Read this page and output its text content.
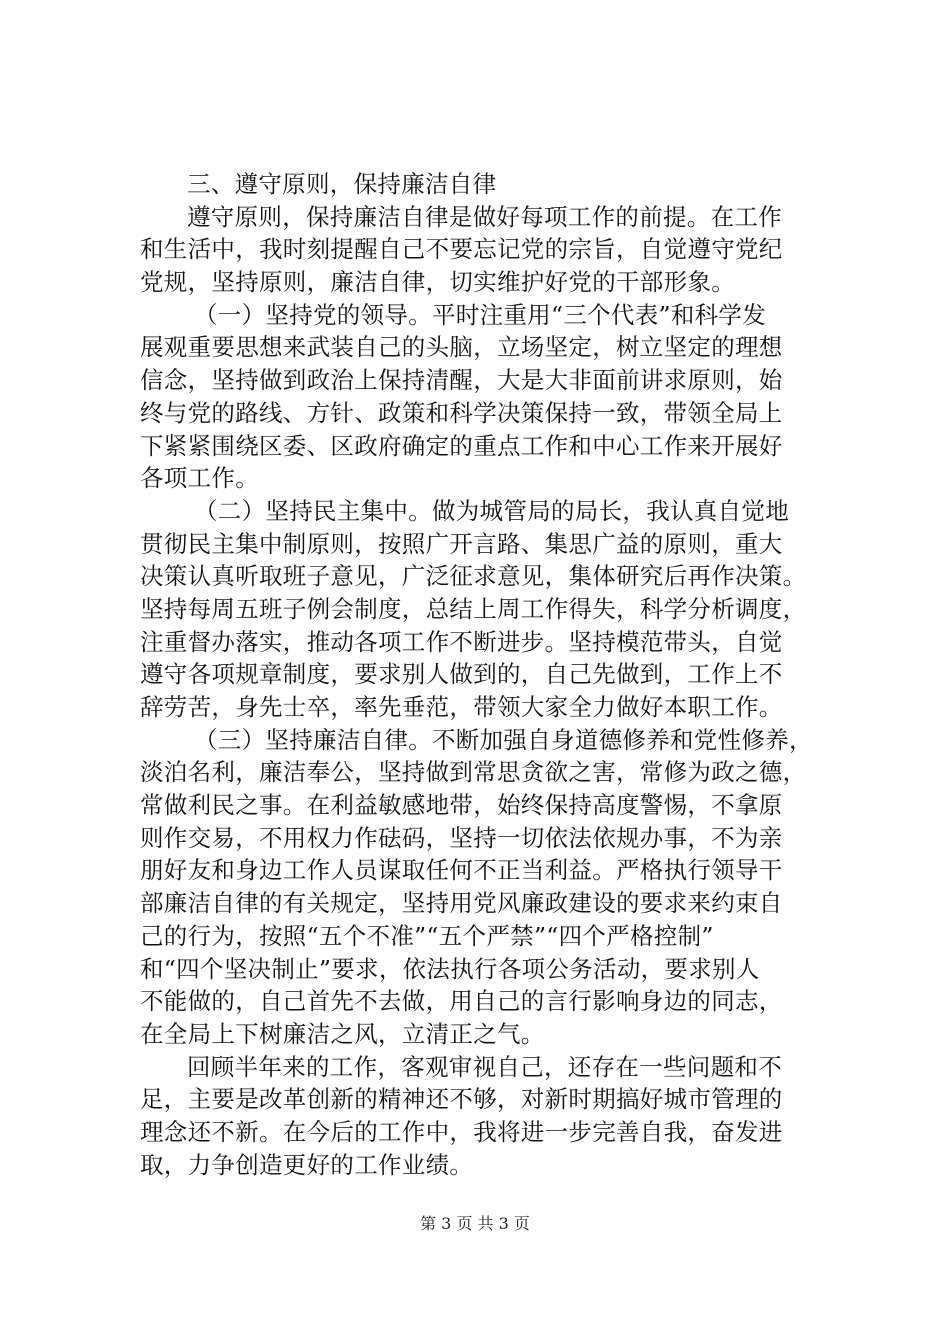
三、遵守原则，保持廉洁自律
遵守原则，保持廉洁自律是做好每项工作的前提。在工作
和生活中，我时刻提醒自己不要忘记党的宗旨，自觉遵守党纪
党规，坚持原则，廉洁自律，切实维护好党的干部形象。
（一）坚持党的领导。平时注重用“三个代表”和科学发
展观重要思想来武装自己的头脑，立场坚定，树立坚定的理想
信念，坚持做到政治上保持清醒，大是大非面前讲求原则，始
终与党的路线、方针、政策和科学决策保持一致，带领全局上
下紧紧围绕区委、区政府确定的重点工作和中心工作来开展好
各项工作。
（二）坚持民主集中。做为城管局的局长，我认真自觉地
贯彻民主集中制原则，按照广开言路、集思广益的原则，重大
决策认真听取班子意见，广泛征求意见，集体研究后再作决策。
坚持每周五班子例会制度，总结上周工作得失，科学分析调度，
注重督办落实，推动各项工作不断进步。坚持模范带头，自觉
遵守各项规章制度，要求别人做到的，自己先做到，工作上不
辞劳苦，身先士卒，率先垂范，带领大家全力做好本职工作。
（三）坚持廉洁自律。不断加强自身道德修养和党性修养，
淡泊名利，廉洁奉公，坚持做到常思贪欲之害，常修为政之德，
常做利民之事。在利益敏感地带，始终保持高度警惕，不拿原
则作交易，不用权力作砝码，坚持一切依法依规办事，不为亲
朋好友和身边工作人员谋取任何不正当利益。严格执行领导干
部廉洁自律的有关规定，坚持用党风廉政建设的要求来约束自
己的行为，按照“五个不准”“五个严禁”“四个严格控制”
和“四个坚决制止”要求，依法执行各项公务活动，要求别人
不能做的，自己首先不去做，用自己的言行影响身边的同志，
在全局上下树廉洁之风，立清正之气。
回顾半年来的工作，客观审视自己，还存在一些问题和不
足，主要是改革创新的精神还不够，对新时期搞好城市管理的
理念还不新。在今后的工作中，我将进一步完善自我，奋发进
取，力争创造更好的工作业绩。
第 3 页 共 3 页
